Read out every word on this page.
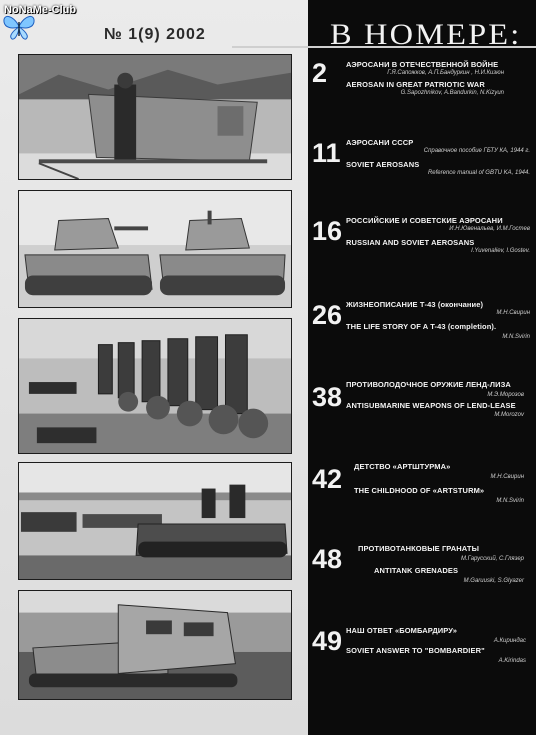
NoNaMe-Club
№ 1(9) 2002	В НОМЕРЕ:
2	АЭРОСАНИ В ОТЕЧЕСТВЕННОЙ ВОЙНЕ
Г.Я.Сапожков, А.П.Бандуркин , Н.И.Кизюн
AEROSAN IN GREAT PATRIOTIC WAR
G.Sapozhnikov, A.Bandurkin, N.Kizyun
11 АЭРОСАНИ СССР
Справочное пособие ГБТУ КА, 1944 г.
SOVIET AEROSANS
Reference manual of GBTU KA, 1944.
16 РОССИЙСКИЕ И СОВЕТСКИЕ АЭРОСАНИ
И.Н.Ювенальев, И.М.Гостев
RUSSIAN AND SOVIET AEROSANS
I.Yuvenaliev, I.Gostev.
26 ЖИЗНЕОПИСАНИЕ Т-43 (окончание)
М.Н.Свирин
THE LIFE STORY OF A T-43 (completion).
M.N.Svirin
38 ПРОТИВОЛОДОЧНОЕ ОРУЖИЕ ЛЕНД-ЛИЗА
М.Э.Морозов
ANTISUBMARINE WEAPONS OF LEND-LEASE
M.Morozov
42 ДЕТСТВО «АРТШТУРМА»
М.Н.Свирин
THE CHILDHOOD OF «ARTSTURM»
M.N.Svirin
48 ПРОТИВОТАНКОВЫЕ ГРАНАТЫ
М.Гаруcский, С.Глязер
ANTITANK GRENADES
M.Garuuski, S.Glyazer
49 НАШ ОТВЕТ «БОМБАРДИРУ»
А.Кириндас
SOVIET ANSWER TO "BOMBARDIER"
A.Kirindas
